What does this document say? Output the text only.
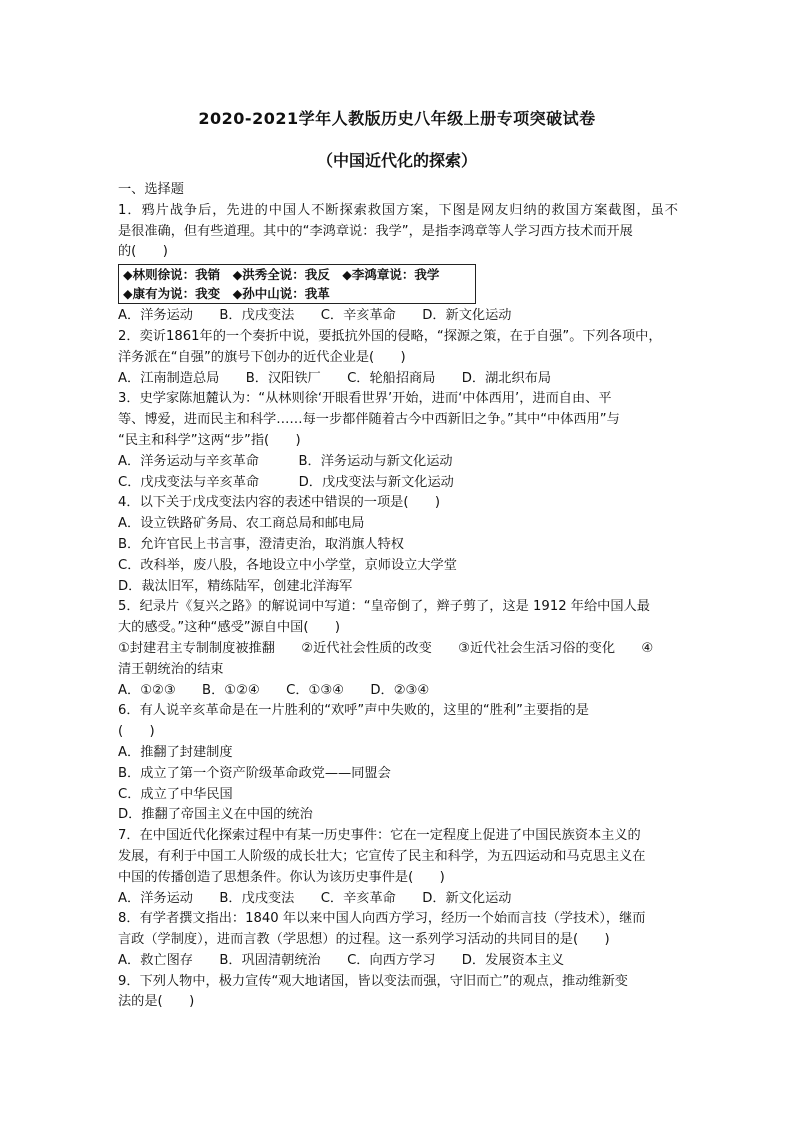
2020-2021学年人教版历史八年级上册专项突破试卷
（中国近代化的探索）
一、选择题
1．鸦片战争后，先进的中国人不断探索救国方案，下图是网友归纳的救国方案截图，虽不
是很准确，但有些道理。其中的“李鸿章说：我学”，是指李鸿章等人学习西方技术而开展
的(　　)
◆林则徐说：我销　◆洪秀全说：我反　◆李鸿章说：我学
◆康有为说：我变　◆孙中山说：我革
A．洋务运动　　B．戊戌变法　　C．辛亥革命　　D．新文化运动
2．奕䜣1861年的一个奏折中说，要抵抗外国的侵略，“探源之策，在于自强”。下列各项中，
洋务派在“自强”的旗号下创办的近代企业是(　　)
A．江南制造总局　　B．汉阳铁厂　　C．轮船招商局　　D．湖北织布局
3．史学家陈旭麓认为：“从林则徐‘开眼看世界’开始，进而‘中体西用’，进而自由、平
等、博爱，进而民主和科学……每一步都伴随着古今中西新旧之争。”其中“中体西用”与
“民主和科学”这两“步”指(　　)
A．洋务运动与辛亥革命　　　B．洋务运动与新文化运动
C．戊戌变法与辛亥革命　　　D．戊戌变法与新文化运动
4．以下关于戊戌变法内容的表述中错误的一项是(　　)
A．设立铁路矿务局、农工商总局和邮电局
B．允许官民上书言事，澄清吏治，取消旗人特权
C．改科举，废八股，各地设立中小学堂，京师设立大学堂
D．裁汰旧军，精练陆军，创建北洋海军
5．纪录片《复兴之路》的解说词中写道：“皇帝倒了，辫子剪了，这是 1912 年给中国人最
大的感受。”这种“感受”源自中国(　　)
①封建君主专制制度被推翻　　②近代社会性质的改变　　③近代社会生活习俗的变化　　④
清王朝统治的结束
A．①②③　　B．①②④　　C．①③④　　D．②③④
6．有人说辛亥革命是在一片胜利的“欢呼”声中失败的，这里的“胜利”主要指的是
(　　)
A．推翻了封建制度
B．成立了第一个资产阶级革命政党——同盟会
C．成立了中华民国
D．推翻了帝国主义在中国的统治
7．在中国近代化探索过程中有某一历史事件：它在一定程度上促进了中国民族资本主义的
发展，有利于中国工人阶级的成长壮大；它宣传了民主和科学，为五四运动和马克思主义在
中国的传播创造了思想条件。你认为该历史事件是(　　)
A．洋务运动　　B．戊戌变法　　C．辛亥革命　　D．新文化运动
8．有学者撰文指出：1840 年以来中国人向西方学习，经历一个始而言技（学技术），继而
言政（学制度），进而言教（学思想）的过程。这一系列学习活动的共同目的是(　　)
A．救亡图存　　B．巩固清朝统治　　C．向西方学习　　D．发展资本主义
9．下列人物中，极力宣传“观大地诸国，皆以变法而强，守旧而亡”的观点，推动维新变
法的是(　　)
